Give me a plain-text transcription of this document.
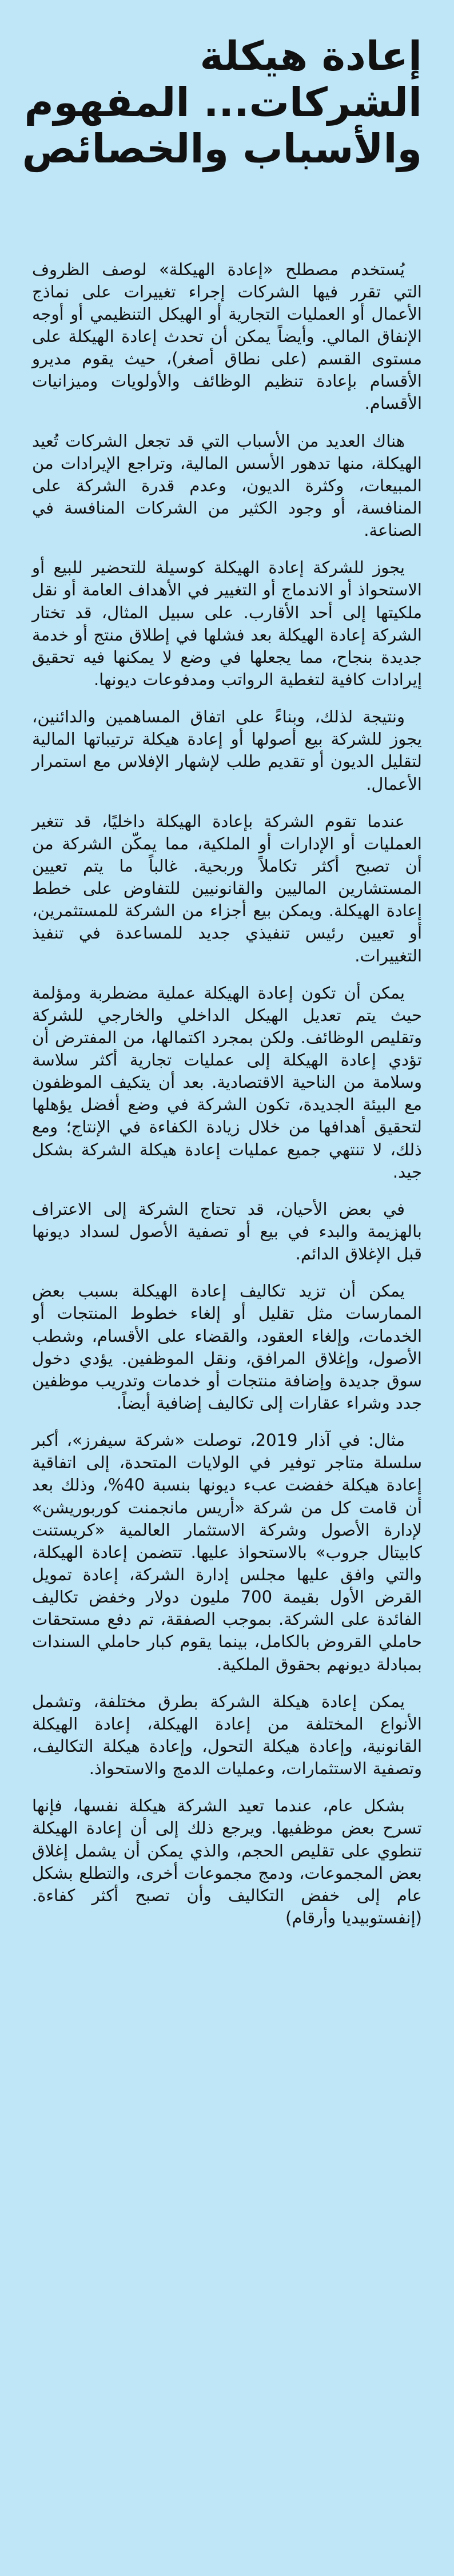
إعادة هيكلة
الشركات... المفهوم
والأسباب والخصائص

يُستخدم مصطلح «إعادة الهيكلة» لوصف الظروف التي تقرر فيها الشركات إجراء تغييرات على نماذج الأعمال أو العمليات التجارية أو الهيكل التنظيمي أو أوجه الإنفاق المالي. وأيضاً يمكن أن تحدث إعادة الهيكلة على مستوى القسم (على نطاق أصغر)، حيث يقوم مديرو الأقسام بإعادة تنظيم الوظائف والأولويات وميزانيات الأقسام.

هناك العديد من الأسباب التي قد تجعل الشركات تُعيد الهيكلة، منها تدهور الأسس المالية، وتراجع الإيرادات من المبيعات، وكثرة الديون، وعدم قدرة الشركة على المنافسة، أو وجود الكثير من الشركات المنافسة في الصناعة.

يجوز للشركة إعادة الهيكلة كوسيلة للتحضير للبيع أو الاستحواذ أو الاندماج أو التغيير في الأهداف العامة أو نقل ملكيتها إلى أحد الأقارب. على سبيل المثال، قد تختار الشركة إعادة الهيكلة بعد فشلها في إطلاق منتج أو خدمة جديدة بنجاح، مما يجعلها في وضع لا يمكنها فيه تحقيق إيرادات كافية لتغطية الرواتب ومدفوعات ديونها.

ونتيجة لذلك، وبناءً على اتفاق المساهمين والدائنين، يجوز للشركة بيع أصولها أو إعادة هيكلة ترتيباتها المالية لتقليل الديون أو تقديم طلب لإشهار الإفلاس مع استمرار الأعمال.

عندما تقوم الشركة بإعادة الهيكلة داخليًا، قد تتغير العمليات أو الإدارات أو الملكية، مما يمكّن الشركة من أن تصبح أكثر تكاملاً وربحية. غالباً ما يتم تعيين المستشارين الماليين والقانونيين للتفاوض على خطط إعادة الهيكلة. ويمكن بيع أجزاء من الشركة للمستثمرين، أو تعيين رئيس تنفيذي جديد للمساعدة في تنفيذ التغييرات.

يمكن أن تكون إعادة الهيكلة عملية مضطربة ومؤلمة حيث يتم تعديل الهيكل الداخلي والخارجي للشركة وتقليص الوظائف. ولكن بمجرد اكتمالها، من المفترض أن تؤدي إعادة الهيكلة إلى عمليات تجارية أكثر سلاسة وسلامة من الناحية الاقتصادية. بعد أن يتكيف الموظفون مع البيئة الجديدة، تكون الشركة في وضع أفضل يؤهلها لتحقيق أهدافها من خلال زيادة الكفاءة في الإنتاج؛ ومع ذلك، لا تنتهي جميع عمليات إعادة هيكلة الشركة بشكل جيد.

في بعض الأحيان، قد تحتاج الشركة إلى الاعتراف بالهزيمة والبدء في بيع أو تصفية الأصول لسداد ديونها قبل الإغلاق الدائم.

يمكن أن تزيد تكاليف إعادة الهيكلة بسبب بعض الممارسات مثل تقليل أو إلغاء خطوط المنتجات أو الخدمات، وإلغاء العقود، والقضاء على الأقسام، وشطب الأصول، وإغلاق المرافق، ونقل الموظفين. يؤدي دخول سوق جديدة وإضافة منتجات أو خدمات وتدريب موظفين جدد وشراء عقارات إلى تكاليف إضافية أيضاً.

مثال: في آذار 2019، توصلت «شركة سيفرز»، أكبر سلسلة متاجر توفير في الولايات المتحدة، إلى اتفاقية إعادة هيكلة خفضت عبء ديونها بنسبة 40%، وذلك بعد أن قامت كل من شركة «أريس مانجمنت كوربوريشن» لإدارة الأصول وشركة الاستثمار العالمية «كريستنت كابيتال جروب» بالاستحواذ عليها. تتضمن إعادة الهيكلة، والتي وافق عليها مجلس إدارة الشركة، إعادة تمويل القرض الأول بقيمة 700 مليون دولار وخفض تكاليف الفائدة على الشركة. بموجب الصفقة، تم دفع مستحقات حاملي القروض بالكامل، بينما يقوم كبار حاملي السندات بمبادلة ديونهم بحقوق الملكية.

يمكن إعادة هيكلة الشركة بطرق مختلفة، وتشمل الأنواع المختلفة من إعادة الهيكلة، إعادة الهيكلة القانونية، وإعادة هيكلة التحول، وإعادة هيكلة التكاليف، وتصفية الاستثمارات، وعمليات الدمج والاستحواذ.

بشكل عام، عندما تعيد الشركة هيكلة نفسها، فإنها تسرح بعض موظفيها. ويرجع ذلك إلى أن إعادة الهيكلة تنطوي على تقليص الحجم، والذي يمكن أن يشمل إغلاق بعض المجموعات، ودمج مجموعات أخرى، والتطلع بشكل عام إلى خفض التكاليف وأن تصبح أكثر كفاءة. (إنفستوبيديا وأرقام)
